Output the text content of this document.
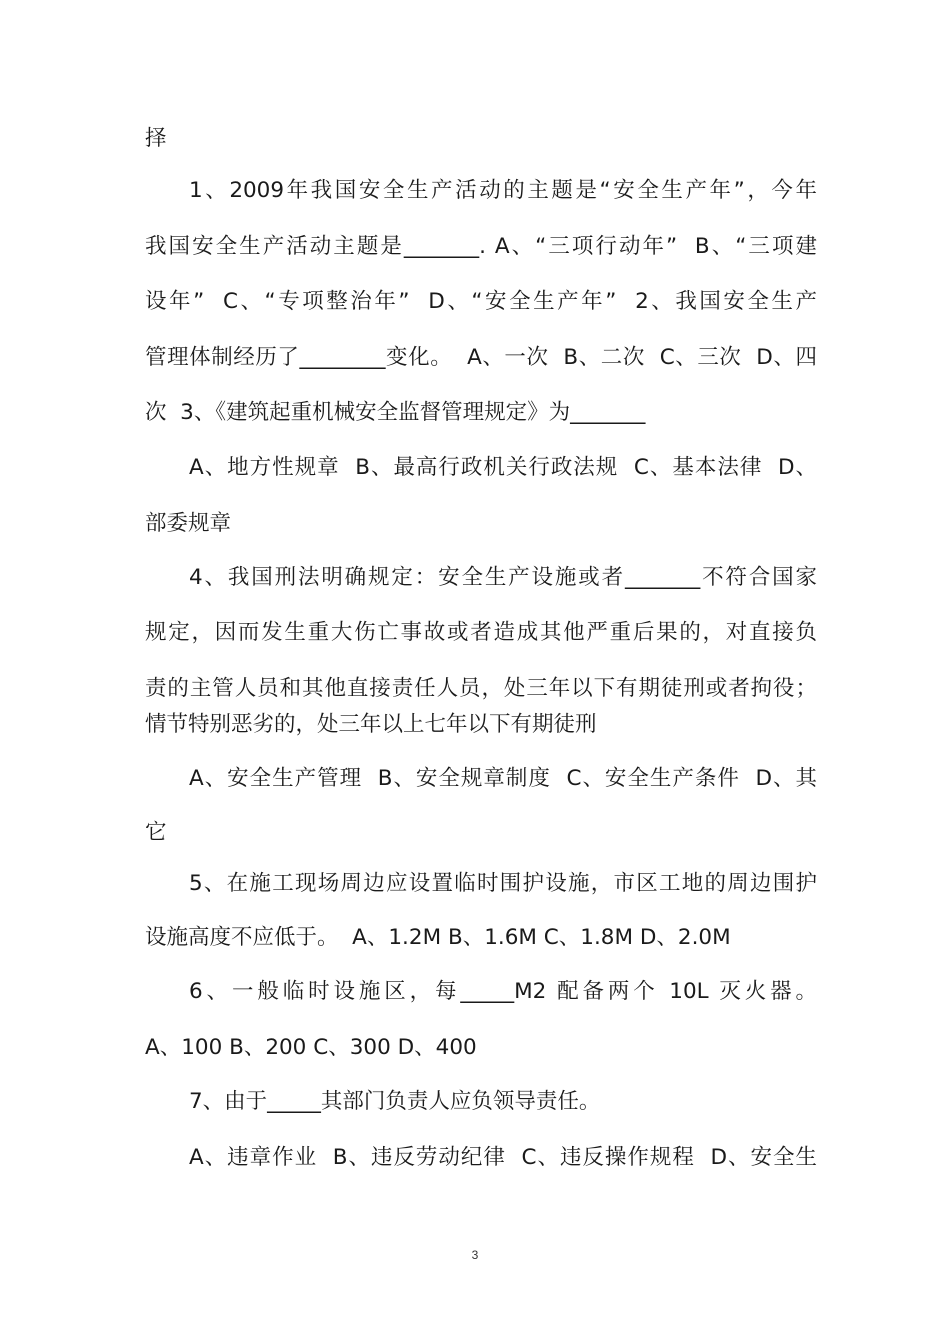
择
1、2009年我国安全生产活动的主题是“安全生产年”，今年
我国安全生产活动主题是_______. A、“三项行动年”  B、“三项建
设年”  C、“专项整治年”  D、“安全生产年”  2、我国安全生产
管理体制经历了________变化。  A、一次  B、二次  C、三次  D、四
次  3、《建筑起重机械安全监督管理规定》为_______
A、地方性规章  B、最高行政机关行政法规  C、基本法律  D、
部委规章
4、我国刑法明确规定：安全生产设施或者_______不符合国家
规定，因而发生重大伤亡事故或者造成其他严重后果的，对直接负
责的主管人员和其他直接责任人员，处三年以下有期徒刑或者拘役；
情节特别恶劣的，处三年以上七年以下有期徒刑
A、安全生产管理  B、安全规章制度  C、安全生产条件  D、其
它
5、在施工现场周边应设置临时围护设施，市区工地的周边围护
设施高度不应低于。  A、1.2M B、1.6M C、1.8M D、2.0M
6、一般临时设施区，每_____M2 配备两个 10L 灭火器。
A、100 B、200 C、300 D、400
7、由于_____其部门负责人应负领导责任。
A、违章作业  B、违反劳动纪律  C、违反操作规程  D、安全生
3
